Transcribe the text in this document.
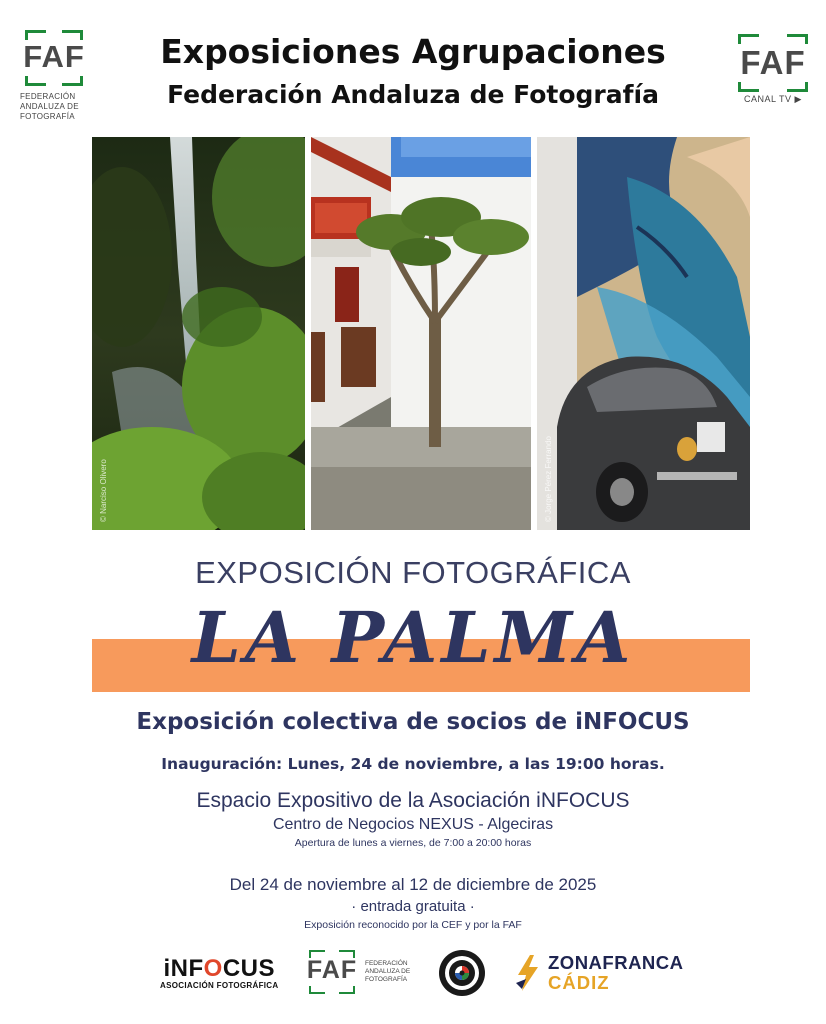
FAF
FEDERACIÓN ANDALUZA DE FOTOGRAFÍA
Exposiciones Agrupaciones
Federación Andaluza de Fotografía
FAF
CANAL TV ▶
© Narciso Olivero	© Jorge Pérez Ferrando
EXPOSICIÓN FOTOGRÁFICA
LA PALMA
Exposición colectiva de socios de iNFOCUS
Inauguración: Lunes, 24 de noviembre, a las 19:00 horas.
Espacio Expositivo de la Asociación iNFOCUS
Centro de Negocios NEXUS - Algeciras
Apertura de lunes a viernes, de 7:00 a 20:00 horas
Del 24 de noviembre al 12 de diciembre de 2025
· entrada gratuita ·
Exposición reconocido por la CEF y por la FAF
iNFOCUS
ASOCIACIÓN FOTOGRÁFICA
FAF FEDERACIÓN ANDALUZA DE FOTOGRAFÍA
ZONAFRANCA
CÁDIZ
